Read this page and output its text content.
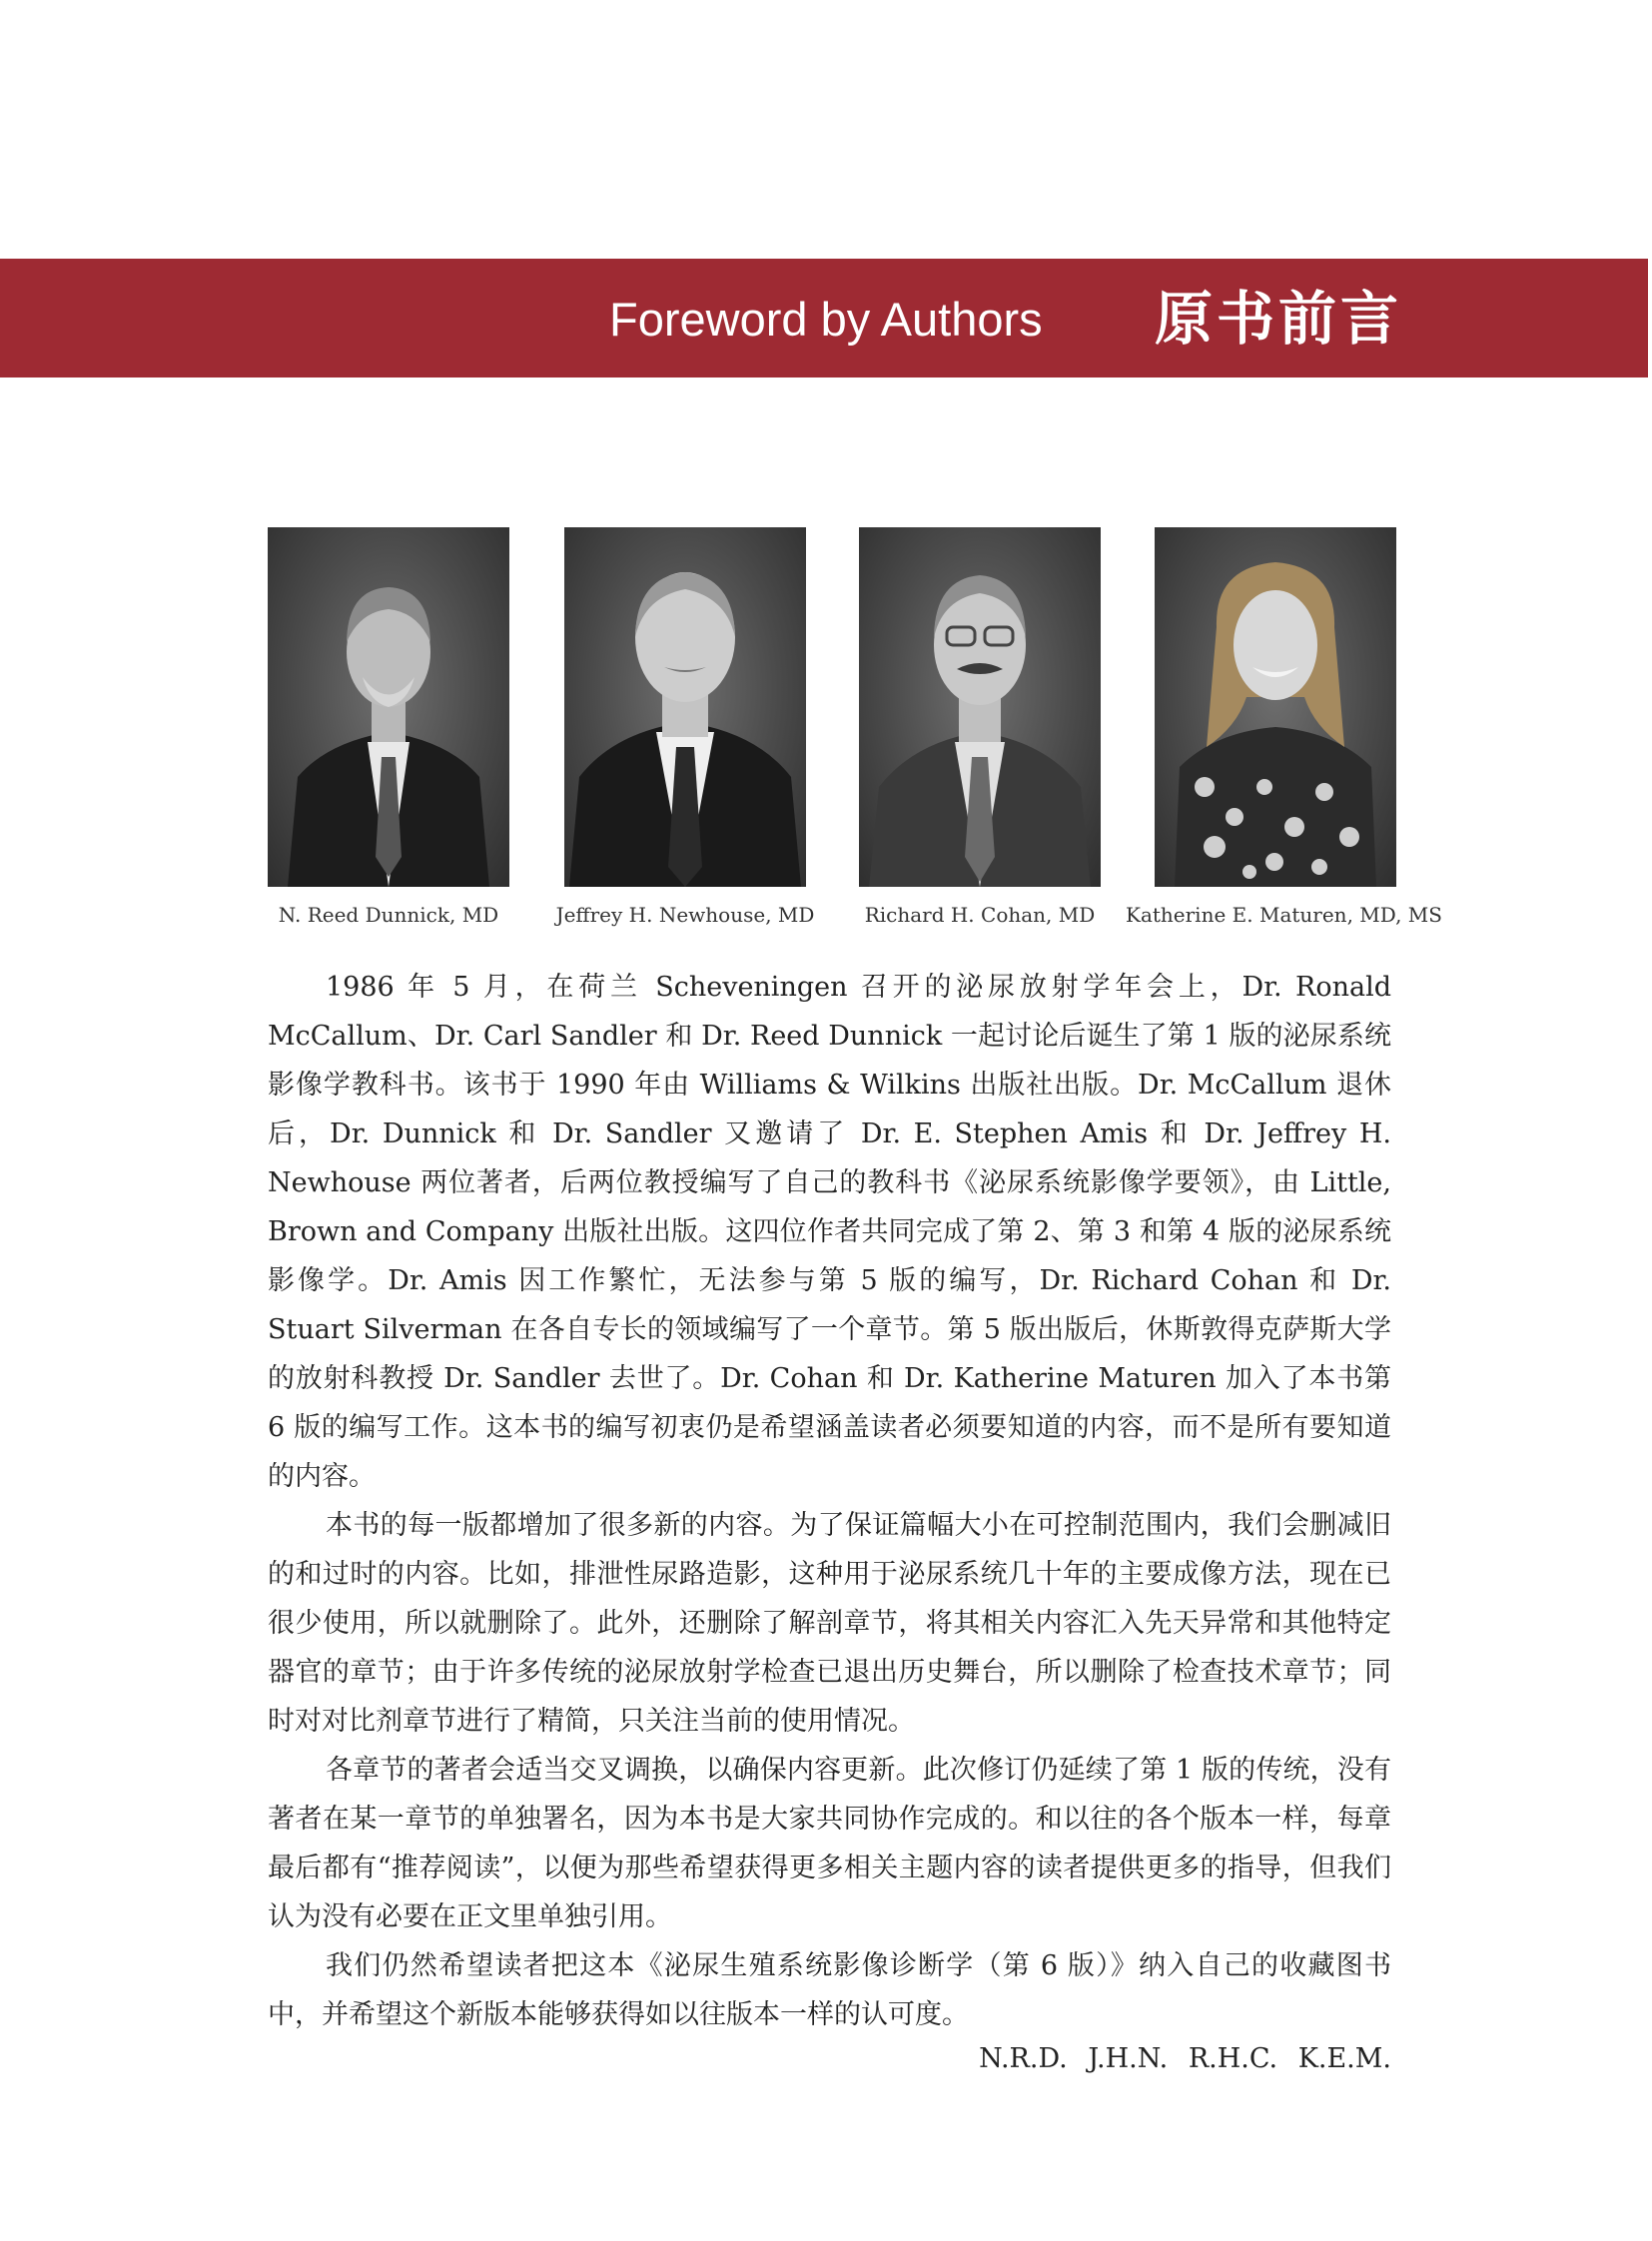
Foreword by Authors 原书前言
N. Reed Dunnick, MD	Jeffrey H. Newhouse, MD	Richard H. Cohan, MD	Katherine E. Maturen, MD, MS

1986 年 5 月，在荷兰 Scheveningen 召开的泌尿放射学年会上，Dr. Ronald McCallum、Dr. Carl Sandler 和 Dr. Reed Dunnick 一起讨论后诞生了第 1 版的泌尿系统影像学教科书。该书于 1990 年由 Williams & Wilkins 出版社出版。Dr. McCallum 退休后，Dr. Dunnick 和 Dr. Sandler 又邀请了 Dr. E. Stephen Amis 和 Dr. Jeffrey H. Newhouse 两位著者，后两位教授编写了自己的教科书《泌尿系统影像学要领》，由 Little, Brown and Company 出版社出版。这四位作者共同完成了第 2、第 3 和第 4 版的泌尿系统影像学。Dr. Amis 因工作繁忙，无法参与第 5 版的编写，Dr. Richard Cohan 和 Dr. Stuart Silverman 在各自专长的领域编写了一个章节。第 5 版出版后，休斯敦得克萨斯大学的放射科教授 Dr. Sandler 去世了。Dr. Cohan 和 Dr. Katherine Maturen 加入了本书第 6 版的编写工作。这本书的编写初衷仍是希望涵盖读者必须要知道的内容，而不是所有要知道的内容。

本书的每一版都增加了很多新的内容。为了保证篇幅大小在可控制范围内，我们会删减旧的和过时的内容。比如，排泄性尿路造影，这种用于泌尿系统几十年的主要成像方法，现在已很少使用，所以就删除了。此外，还删除了解剖章节，将其相关内容汇入先天异常和其他特定器官的章节；由于许多传统的泌尿放射学检查已退出历史舞台，所以删除了检查技术章节；同时对对比剂章节进行了精简，只关注当前的使用情况。

各章节的著者会适当交叉调换，以确保内容更新。此次修订仍延续了第 1 版的传统，没有著者在某一章节的单独署名，因为本书是大家共同协作完成的。和以往的各个版本一样，每章最后都有“推荐阅读”，以便为那些希望获得更多相关主题内容的读者提供更多的指导，但我们认为没有必要在正文里单独引用。

我们仍然希望读者把这本《泌尿生殖系统影像诊断学（第 6 版）》纳入自己的收藏图书中，并希望这个新版本能够获得如以往版本一样的认可度。

N.R.D. J.H.N. R.H.C. K.E.M.
